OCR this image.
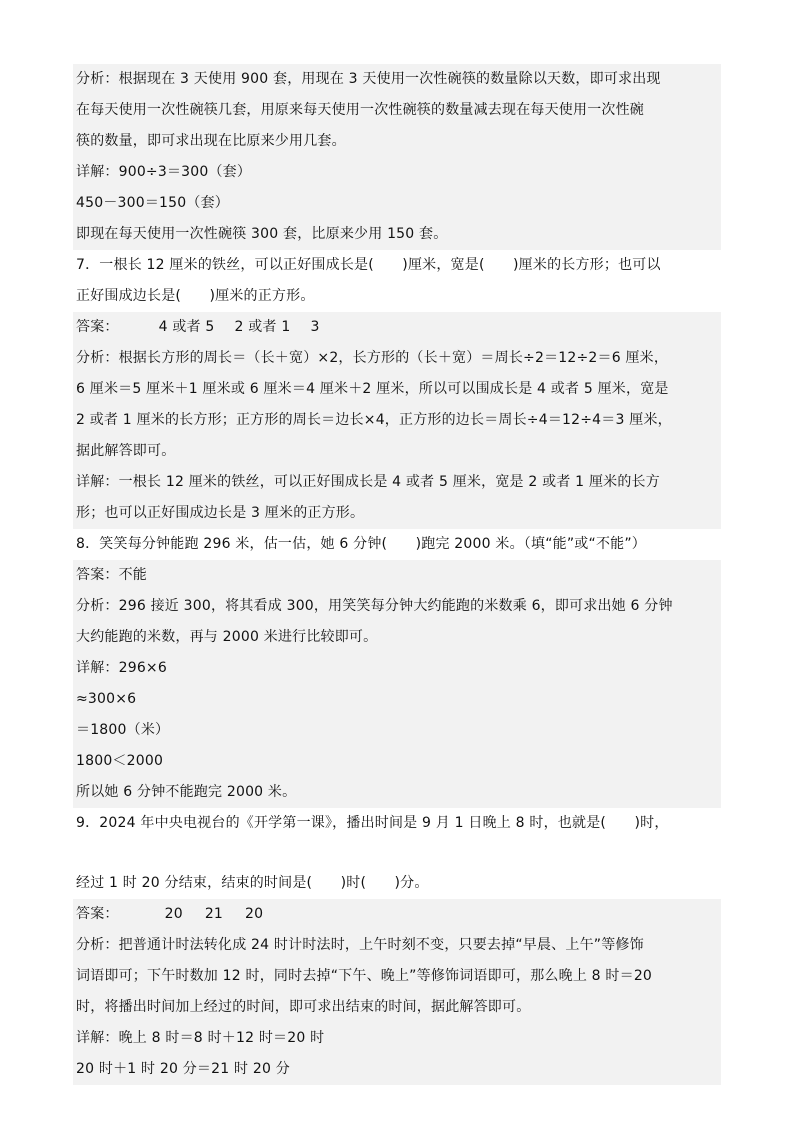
分析：根据现在 3 天使用 900 套，用现在 3 天使用一次性碗筷的数量除以天数，即可求出现
在每天使用一次性碗筷几套，用原来每天使用一次性碗筷的数量减去现在每天使用一次性碗
筷的数量，即可求出现在比原来少用几套。
详解：900÷3＝300（套）
450－300＝150（套）
即现在每天使用一次性碗筷 300 套，比原来少用 150 套。
7．一根长 12 厘米的铁丝，可以正好围成长是(　　)厘米，宽是(　　)厘米的长方形；也可以
正好围成边长是(　　)厘米的正方形。
答案：	4 或者 5 2 或者 1 3
分析：根据长方形的周长＝（长＋宽）×2，长方形的（长＋宽）＝周长÷2＝12÷2＝6 厘米，
6 厘米＝5 厘米＋1 厘米或 6 厘米＝4 厘米＋2 厘米，所以可以围成长是 4 或者 5 厘米，宽是
2 或者 1 厘米的长方形；正方形的周长＝边长×4，正方形的边长＝周长÷4＝12÷4＝3 厘米，
据此解答即可。
详解：一根长 12 厘米的铁丝，可以正好围成长是 4 或者 5 厘米，宽是 2 或者 1 厘米的长方
形；也可以正好围成边长是 3 厘米的正方形。
8．笑笑每分钟能跑 296 米，估一估，她 6 分钟(　　)跑完 2000 米。（填“能”或“不能”）
答案：不能
分析：296 接近 300，将其看成 300，用笑笑每分钟大约能跑的米数乘 6，即可求出她 6 分钟
大约能跑的米数，再与 2000 米进行比较即可。
详解：296×6
≈300×6
＝1800（米）
1800＜2000
所以她 6 分钟不能跑完 2000 米。
9．2024 年中央电视台的《开学第一课》，播出时间是 9 月 1 日晚上 8 时，也就是(　　)时，
经过 1 时 20 分结束，结束的时间是(　　)时(　　)分。
答案：	20 21 20
分析：把普通计时法转化成 24 时计时法时，上午时刻不变，只要去掉“早晨、上午”等修饰
词语即可；下午时数加 12 时，同时去掉“下午、晚上”等修饰词语即可，那么晚上 8 时＝20
时，将播出时间加上经过的时间，即可求出结束的时间，据此解答即可。
详解：晚上 8 时＝8 时＋12 时＝20 时
20 时＋1 时 20 分＝21 时 20 分
